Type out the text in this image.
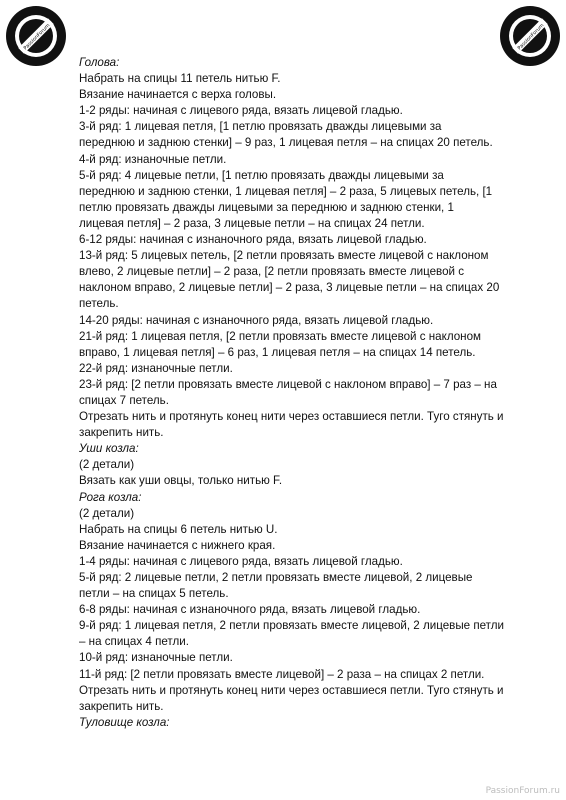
PassionForum	PassionForum

Голова:

Набрать на спицы 11 петель нитью F.

Вязание начинается с верха головы.

1-2 ряды: начиная с лицевого ряда, вязать лицевой гладью.

3-й ряд: 1 лицевая петля, [1 петлю провязать дважды лицевыми за

переднюю и заднюю стенки] – 9 раз, 1 лицевая петля – на спицах 20 петель.

4-й ряд: изнаночные петли.

5-й ряд: 4 лицевые петли, [1 петлю провязать дважды лицевыми за

переднюю и заднюю стенки, 1 лицевая петля] – 2 раза, 5 лицевых петель, [1

петлю провязать дважды лицевыми за переднюю и заднюю стенки, 1

лицевая петля] – 2 раза, 3 лицевые петли – на спицах 24 петли.

6-12 ряды: начиная с изнаночного ряда, вязать лицевой гладью.

13-й ряд: 5 лицевых петель, [2 петли провязать вместе лицевой с наклоном

влево, 2 лицевые петли] – 2 раза, [2 петли провязать вместе лицевой с

наклоном вправо, 2 лицевые петли] – 2 раза, 3 лицевые петли – на спицах 20

петель.

14-20 ряды: начиная с изнаночного ряда, вязать лицевой гладью.

21-й ряд: 1 лицевая петля, [2 петли провязать вместе лицевой с наклоном

вправо, 1 лицевая петля] – 6 раз, 1 лицевая петля – на спицах 14 петель.

22-й ряд: изнаночные петли.

23-й ряд: [2 петли провязать вместе лицевой с наклоном вправо] – 7 раз – на

спицах 7 петель.

Отрезать нить и протянуть конец нити через оставшиеся петли. Туго стянуть и

закрепить нить.

Уши козла:

(2 детали)

Вязать как уши овцы, только нитью F.

Рога козла:

(2 детали)

Набрать на спицы 6 петель нитью U.

Вязание начинается с нижнего края.

1-4 ряды: начиная с лицевого ряда, вязать лицевой гладью.

5-й ряд: 2 лицевые петли, 2 петли провязать вместе лицевой, 2 лицевые

петли – на спицах 5 петель.

6-8 ряды: начиная с изнаночного ряда, вязать лицевой гладью.

9-й ряд: 1 лицевая петля, 2 петли провязать вместе лицевой, 2 лицевые петли

– на спицах 4 петли.

10-й ряд: изнаночные петли.

11-й ряд: [2 петли провязать вместе лицевой] – 2 раза – на спицах 2 петли.

Отрезать нить и протянуть конец нити через оставшиеся петли. Туго стянуть и

закрепить нить.

Туловище козла:

PassionForum.ru
